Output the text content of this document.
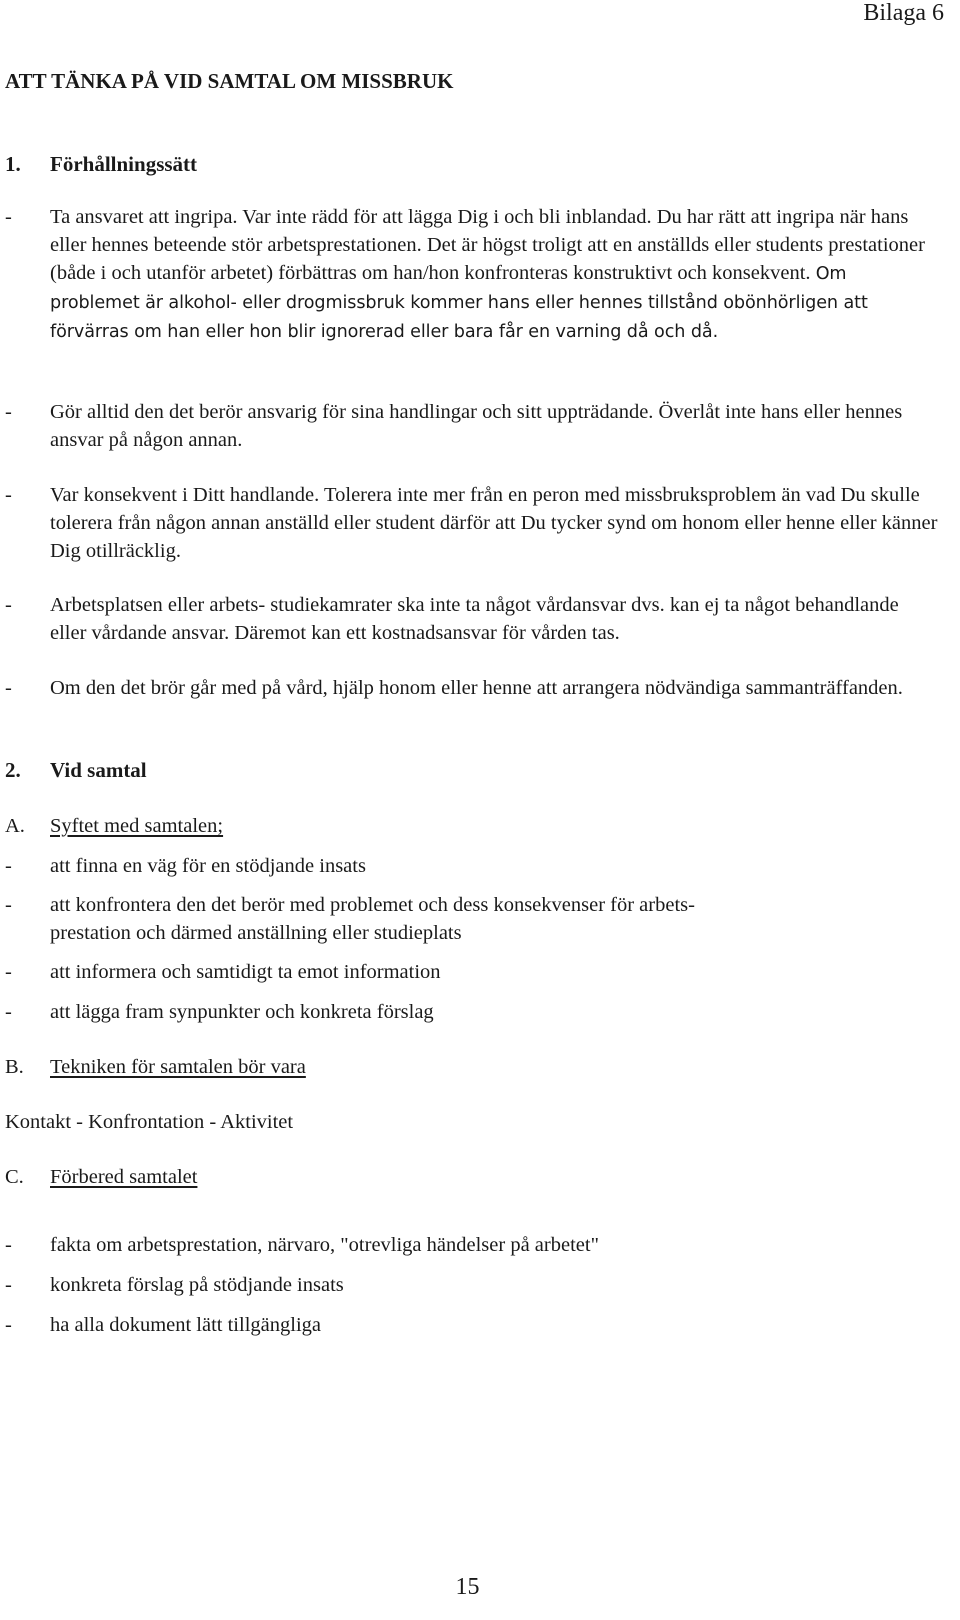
Bilaga 6
ATT TÄNKA PÅ VID SAMTAL OM MISSBRUK
1. Förhållningssätt
-	Ta ansvaret att ingripa. Var inte rädd för att lägga Dig i och bli inblandad. Du har rätt att ingripa när hans eller hennes beteende stör arbetsprestationen. Det är högst troligt att en anställds eller students prestationer (både i och utanför arbetet) förbättras om han/hon konfronteras konstruktivt och konsekvent. Om problemet är alkohol- eller drogmissbruk kommer hans eller hennes tillstånd obönhörligen att förvärras om han eller hon blir ignorerad eller bara får en varning då och då.
-	Gör alltid den det berör ansvarig för sina handlingar och sitt uppträdande. Överlåt inte hans eller hennes ansvar på någon annan.
-	Var konsekvent i Ditt handlande. Tolerera inte mer från en peron med missbruksproblem än vad Du skulle tolerera från någon annan anställd eller student därför att Du tycker synd om honom eller henne eller känner Dig otillräcklig.
-	Arbetsplatsen eller arbets- studiekamrater ska inte ta något vårdansvar dvs. kan ej ta något behandlande eller vårdande ansvar. Däremot kan ett kostnadsansvar för vården tas.
-	Om den det brör går med på vård, hjälp honom eller henne att arrangera nödvändiga sammanträffanden.
2. Vid samtal
A. Syftet med samtalen;
-	att finna en väg för en stödjande insats
-	att konfrontera den det berör med problemet och dess konsekvenser för arbets-
prestation och därmed anställning eller studieplats
-	att informera och samtidigt ta emot information
-	att lägga fram synpunkter och konkreta förslag
B. Tekniken för samtalen bör vara
Kontakt - Konfrontation - Aktivitet
C. Förbered samtalet
-	fakta om arbetsprestation, närvaro, "otrevliga händelser på arbetet"
-	konkreta förslag på stödjande insats
-	ha alla dokument lätt tillgängliga
15
